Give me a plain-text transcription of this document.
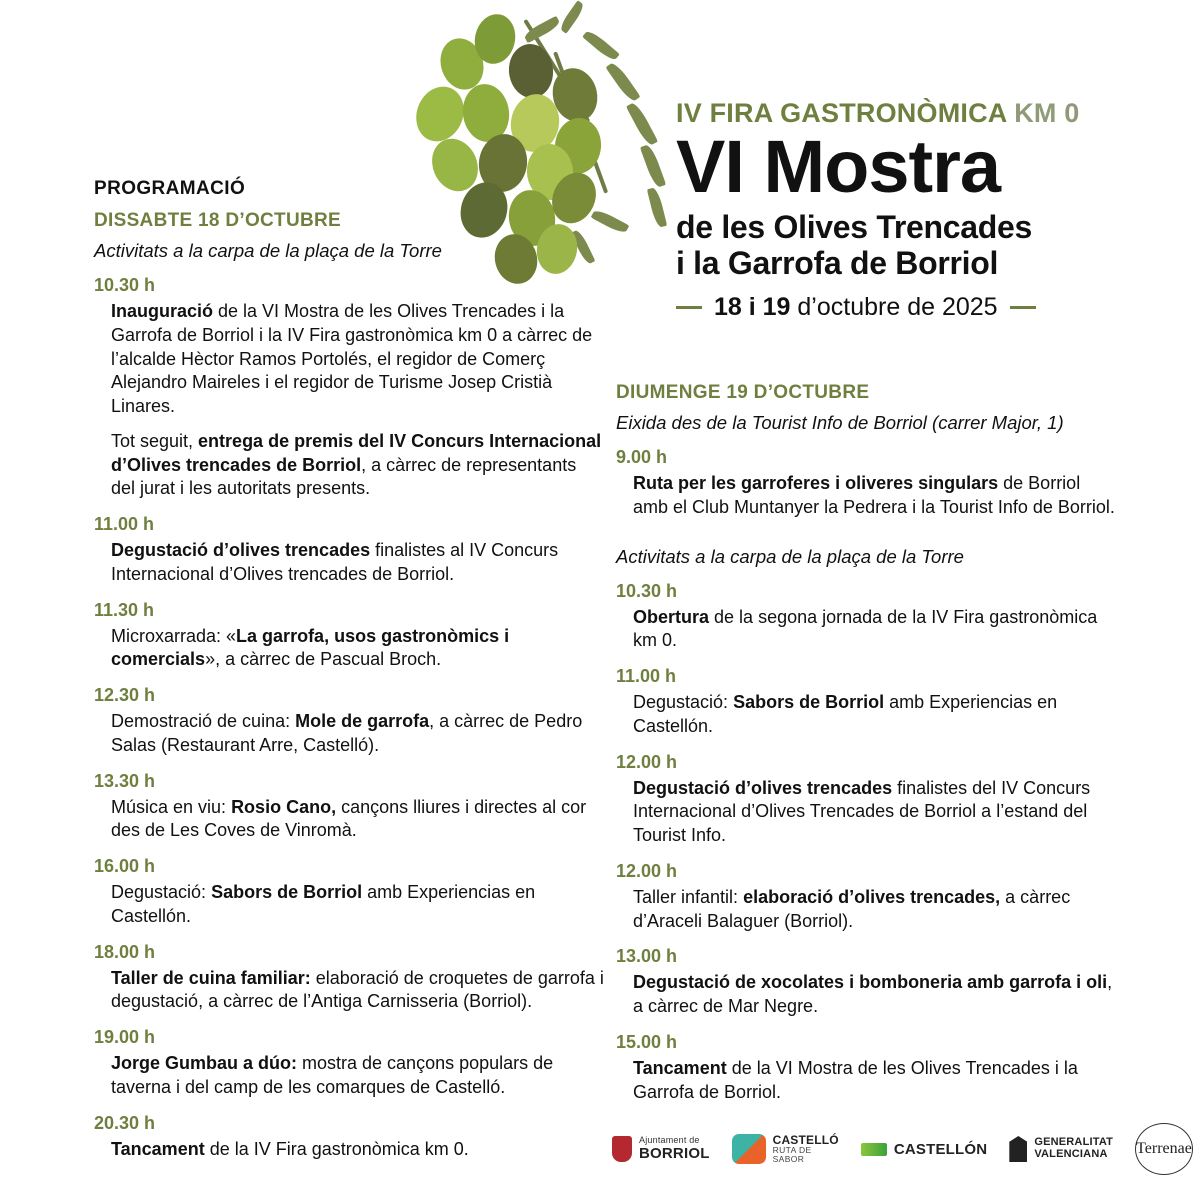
IV FIRA GASTRONÒMICA KM 0
VI Mostra
de les Olives Trencades
i la Garrofa de Borriol
18 i 19 d’octubre de 2025
PROGRAMACIÓ
DISSABTE 18 D’OCTUBRE
Activitats a la carpa de la plaça de la Torre
10.30 h
Inauguració de la VI Mostra de les Olives Trencades i la Garrofa de Borriol i la IV Fira gastronòmica km 0 a càrrec de l’alcalde Hèctor Ramos Portolés, el regidor de Comerç Alejandro Maireles i el regidor de Turisme Josep Cristià Linares.
Tot seguit, entrega de premis del IV Concurs Internacional d’Olives trencades de Borriol, a càrrec de representants del jurat i les autoritats presents.
11.00 h
Degustació d’olives trencades finalistes al IV Concurs Internacional d’Olives trencades de Borriol.
11.30 h
Microxarrada: «La garrofa, usos gastronòmics i comercials», a càrrec de Pascual Broch.
12.30 h
Demostració de cuina: Mole de garrofa, a càrrec de Pedro Salas (Restaurant Arre, Castelló).
13.30 h
Música en viu: Rosio Cano, cançons lliures i directes al cor des de Les Coves de Vinromà.
16.00 h
Degustació: Sabors de Borriol amb Experiencias en Castellón.
18.00 h
Taller de cuina familiar: elaboració de croquetes de garrofa i degustació, a càrrec de l’Antiga Carnisseria (Borriol).
19.00 h
Jorge Gumbau a dúo: mostra de cançons populars de taverna i del camp de les comarques de Castelló.
20.30 h
Tancament de la IV Fira gastronòmica km 0.
DIUMENGE 19 D’OCTUBRE
Eixida des de la Tourist Info de Borriol (carrer Major, 1)
9.00 h
Ruta per les garroferes i oliveres singulars de Borriol amb el Club Muntanyer la Pedrera i la Tourist Info de Borriol.
Activitats a la carpa de la plaça de la Torre
10.30 h
Obertura de la segona jornada de la IV Fira gastronòmica km 0.
11.00 h
Degustació: Sabors de Borriol amb Experiencias en Castellón.
12.00 h
Degustació d’olives trencades finalistes del IV Concurs Internacional d’Olives Trencades de Borriol a l’estand del Tourist Info.
12.00 h
Taller infantil: elaboració d’olives trencades, a càrrec d’Araceli Balaguer (Borriol).
13.00 h
Degustació de xocolates i bomboneria amb garrofa i oli, a càrrec de Mar Negre.
15.00 h
Tancament de la VI Mostra de les Olives Trencades i la Garrofa de Borriol.
Ajuntament de
BORRIOL
CASTELLÓ
RUTA DE
SABOR
CASTELLÓN	GENERALITAT
VALENCIANA	Terrenae
